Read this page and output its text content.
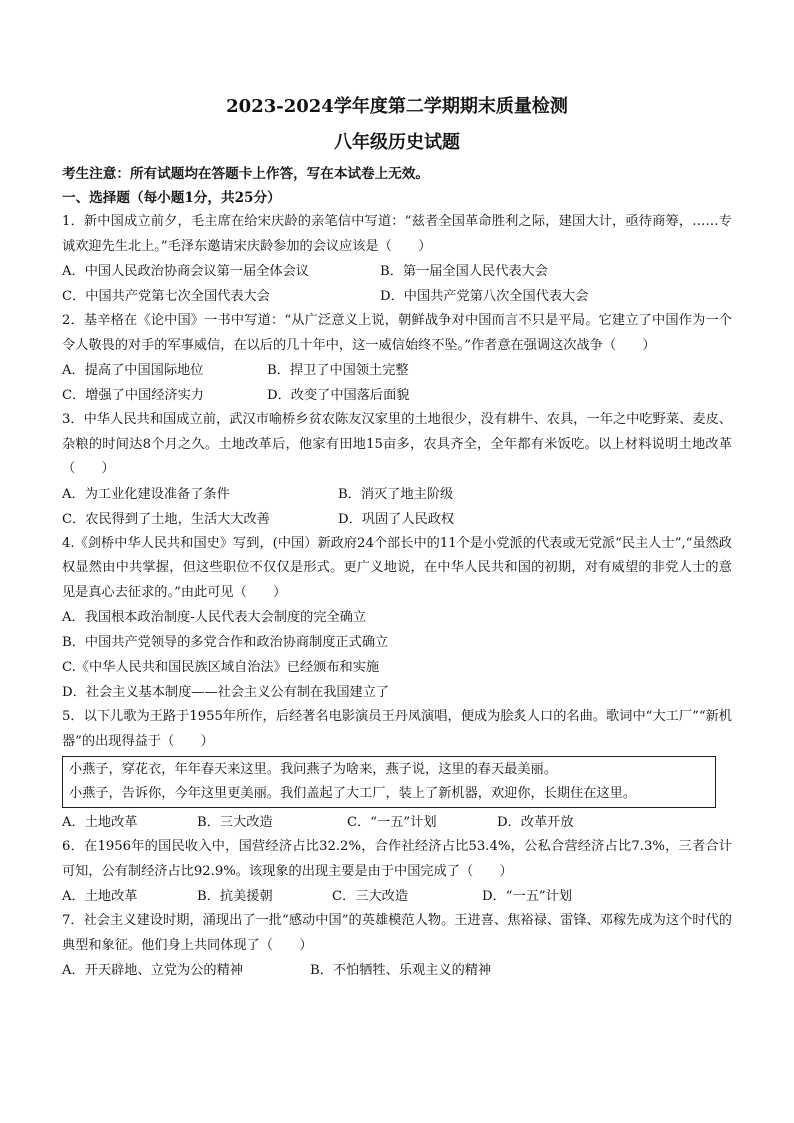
2023-2024学年度第二学期期末质量检测
八年级历史试题
考生注意：所有试题均在答题卡上作答，写在本试卷上无效。
一、选择题（每小题1分，共25分）
1．新中国成立前夕，毛主席在给宋庆龄的亲笔信中写道：“兹者全国革命胜利之际，建国大计，亟待商筹，……专诚欢迎先生北上。”毛泽东邀请宋庆龄参加的会议应该是（　　）
A．中国人民政治协商会议第一届全体会议	B．第一届全国人民代表大会
C．中国共产党第七次全国代表大会	D．中国共产党第八次全国代表大会
2．基辛格在《论中国》一书中写道：“从广泛意义上说，朝鲜战争对中国而言不只是平局。它建立了中国作为一个令人敬畏的对手的军事威信，在以后的几十年中，这一威信始终不坠。”作者意在强调这次战争（　　）
A．提高了中国国际地位	B．捍卫了中国领土完整
C．增强了中国经济实力	D．改变了中国落后面貌
3．中华人民共和国成立前，武汉市喻桥乡贫农陈友汉家里的土地很少，没有耕牛、农具，一年之中吃野菜、麦皮、杂粮的时间达8个月之久。土地改革后，他家有田地15亩多，农具齐全，全年都有米饭吃。以上材料说明土地改革（　　）
A．为工业化建设准备了条件	B．消灭了地主阶级
C．农民得到了土地，生活大大改善	D．巩固了人民政权
4.《剑桥中华人民共和国史》写到，(中国）新政府24个部长中的11个是小党派的代表或无党派“民主人士”,“虽然政权显然由中共掌握，但这些职位不仅仅是形式。更广义地说，在中华人民共和国的初期，对有威望的非党人士的意见是真心去征求的。”由此可见（　　）
A．我国根本政治制度-人民代表大会制度的完全确立
B．中国共产党领导的多党合作和政治协商制度正式确立
C.《中华人民共和国民族区域自治法》已经颁布和实施
D．社会主义基本制度——社会主义公有制在我国建立了
5．以下儿歌为王路于1955年所作，后经著名电影演员王丹凤演唱，便成为脍炙人口的名曲。歌词中“大工厂”“新机器”的出现得益于（　　）
小燕子，穿花衣，年年春天来这里。我问燕子为啥来，燕子说，这里的春天最美丽。
小燕子，告诉你，今年这里更美丽。我们盖起了大工厂，装上了新机器，欢迎你，长期住在这里。
A．土地改革	B．三大改造	C．“一五”计划	D．改革开放
6．在1956年的国民收入中，国营经济占比32.2%，合作社经济占比53.4%，公私合营经济占比7.3%，三者合计可知，公有制经济占比92.9%。该现象的出现主要是由于中国完成了（　　）
A．土地改革	B．抗美援朝	C．三大改造	D．“一五”计划
7．社会主义建设时期，涌现出了一批“感动中国”的英雄模范人物。王进喜、焦裕禄、雷锋、邓稼先成为这个时代的典型和象征。他们身上共同体现了（　　）
A．开天辟地、立党为公的精神	B．不怕牺牲、乐观主义的精神
